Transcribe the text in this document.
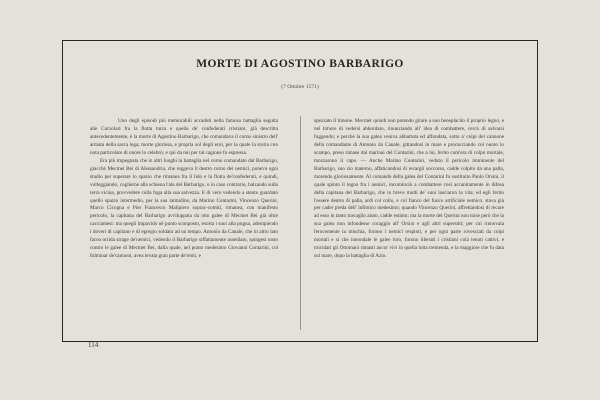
MORTE DI AGOSTINO BARBARIGO
(7 Ottobre 1571)

Uno degli episodi più memorabili accaduti nella famosa battaglia seguita alle Curzolari fra la flotta turca e quella de' confederati cristiani, già descritta antecedentemente, è la morte di Agostino Barbarigo, che comandava il corno sinistro dell' armata della sacra lega; morte gloriosa, e propria sol degli eroi, per la quale la storia con nota particolare di onore lo celebrò; e qui da noi per tal cagione fu espressa.

Era più impegnata che in altri luoghi la battaglia nel corno comandato dal Barbarigo, giacchè Mecmet Bei di Alessandria, che reggeva il destro corno dei nemici, poneva ogni studio per superare lo spazio che rimanea fra il lido e la flotta de'confederati, e quindi, volteggiando, coglierne alla schiena l'ala del Barbarigo, o in caso contrario, balzando sulla terra vicina, provvedere colla fuga alla sua salvezza. E di vero vedendo a stento guardato quello spazio intermedio, per la sua latitudine, da Marino Contarini, Vincenzo Querini, Marco Cicogna e Pier Francesco Malipiero soprac-comiti, rimanea, con manifesto pericolo, la capitana del Barbarigo avviluppata da otto galee di Mecmet Bei già oltre cacciantesi: ma quegli impavido nè punto sconposto, esorta i suoi alla pugna, adempiendo i doveri di capitano e di egregio soldato ad un tempo. Antonio da Canale, che in altro lato facea orrida strage de'nemici, vedendo il Barbarigo siffattamente assediato, spingesi tosto contro le galee di Mecmet Bei, dalla quale, nel punto medesimo Giovanni Contarini, col fulminar de'cannoni, avea levata gran parte de'remi, e

spezzato il timone. Mecmet quindi non potendo girare a suo beneplacito il proprio legno, e nel timore di vedersi abbordato, rinunziando all' idea di combattere, cercò di salvarsi fuggendo; e perchè la sua galea veniva abbattuta ed affondata, sotto a' colpi del cannone della comandante di Antonio da Canale, gittandosi in mare e procacciando col nuoto lo scampo, preso rimase dai marinai del Contarini, che a lui, ferito com'era di colpo mortale, mozzarono il capo. — Anche Marino Contarini, veduto il pericolo imminente del Barbarigo, suo zio materno, affaticandosi di recargli soccorso, cadde colpito da una palla, morendo gloriosamente. Al comando della galea del Contarini fu sostituito Paolo Orsini, il quale spinto il legno fra i nemici, incominciò a combattere così accanitamente in difesa della capitana del Barbarigo, che in breve molti de' suoi lasciaron la vita; ed egli ferito l'essere dentro di palla, ardì col collo, e col fianco del fuoco artificiale nemico, stava già per cader preda dell' infimico medesimo; quando Vincenzo Querini, affrettandosi di recare ad esso in tanto travaglio aiuto, cadde estinto; ma la morte del Querini non toise però che la sua galea non infondesse coraggio all' Orsini e agli altri superstiti; per cui rinnovala ferocemente la mischia, furono i nemici respinti, e per ogni parte rovesciati da colpi mortali e si che innondale le galee loro, furono liberati i cristiani colà tenuti cattivi, e trucidati gli Ottomani rimasti ancor vivi in quella lotta tremenda, e la maggiore che fu data sul mare, dopo la battaglia di Azio.

114
